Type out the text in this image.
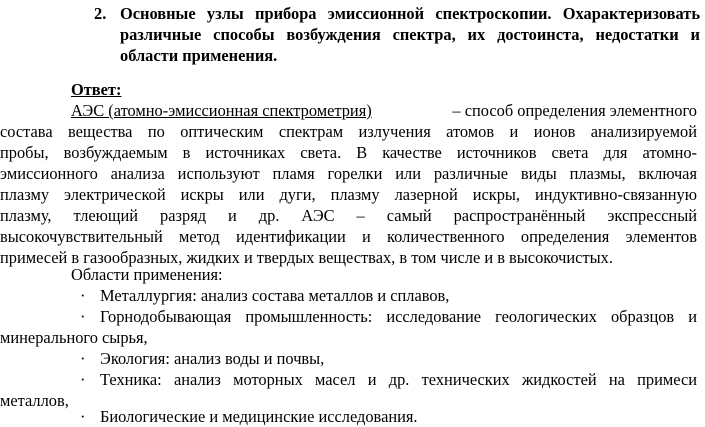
2. Основные узлы прибора эмиссионной спектроскопии. Охарактеризовать различные способы возбуждения спектра, их достоинста, недостатки и области применения.
Ответ:
АЭС (атомно-эмиссионная спектрометрия)	– способ определения элементного
состава вещества по оптическим спектрам излучения атомов и ионов анализируемой
пробы, возбуждаемым в источниках света. В качестве источников света для атомно-
эмиссионного анализа используют пламя горелки или различные виды плазмы, включая
плазму электрической искры или дуги, плазму лазерной искры, индуктивно-связанную
плазму, тлеющий разряд и др. АЭС – самый распространённый экспрессный
высокочувствительный метод идентификации и количественного определения элементов
примесей в газообразных, жидких и твердых веществах, в том числе и в высокочистых.
Области применения:
· Металлургия: анализ состава металлов и сплавов,
· Горнодобывающая промышленность: исследование геологических образцов и
минерального сырья,
· Экология: анализ воды и почвы,
· Техника: анализ моторных масел и др. технических жидкостей на примеси
металлов,
· Биологические и медицинские исследования.
